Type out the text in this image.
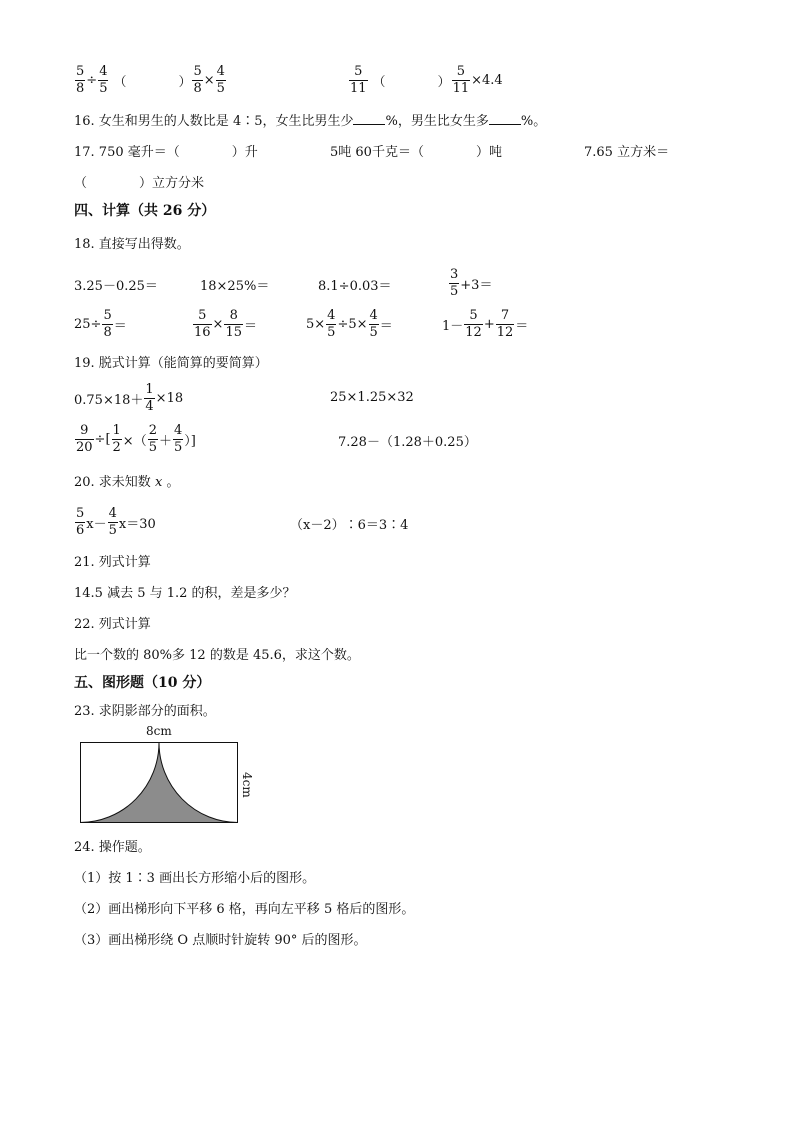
$\frac{5}{8} \div \frac{4}{5}$ （　　　　） $\frac{5}{8} \times \frac{4}{5}$	$\frac{5}{11}$ （　　　　） $\frac{5}{11} \times 4.4$
16. 女生和男生的人数比是 4∶5，女生比男生少 %，男生比女生多 %。
17. 750 毫升＝（　　　　）升	5吨 60千克＝（　　　　）吨	7.65 立方米＝
（　　　　）立方分米
四、计算（共 26 分）
18. 直接写出得数。
3.25－0.25＝	18×25%＝	8.1÷0.03＝	$\frac{3}{5} +3=$
$25\div \frac{5}{8}$ ＝	$\frac{5}{16} \times \frac{8}{15}$ ＝	$5\times \frac{4}{5} \div 5\times \frac{4}{5}$ ＝	$1- \frac{5}{12} + \frac{7}{12}$ ＝
19. 脱式计算（能简算的要简算）
$0.75\times 18+ \frac{1}{4} \times 18$	25×1.25×32
$\frac{9}{20}$ ÷[ $\frac{1}{2}$ ×（ $\frac{2}{5} + \frac{4}{5}$ ）]	7.28－（1.28＋0.25）
20. 求未知数 x 。
$\frac{5}{6} x- \frac{4}{5} x=30$	（x－2）∶6＝3∶4
21. 列式计算
14.5 减去 5 与 1.2 的积，差是多少？
22. 列式计算
比一个数的 80%多 12 的数是 45.6，求这个数。
五、图形题（10 分）
23. 求阴影部分的面积。
8cm
4cm
24. 操作题。
（1）按 1∶3 画出长方形缩小后的图形。
（2）画出梯形向下平移 6 格，再向左平移 5 格后的图形。
（3）画出梯形绕 O 点顺时针旋转 90° 后的图形。
